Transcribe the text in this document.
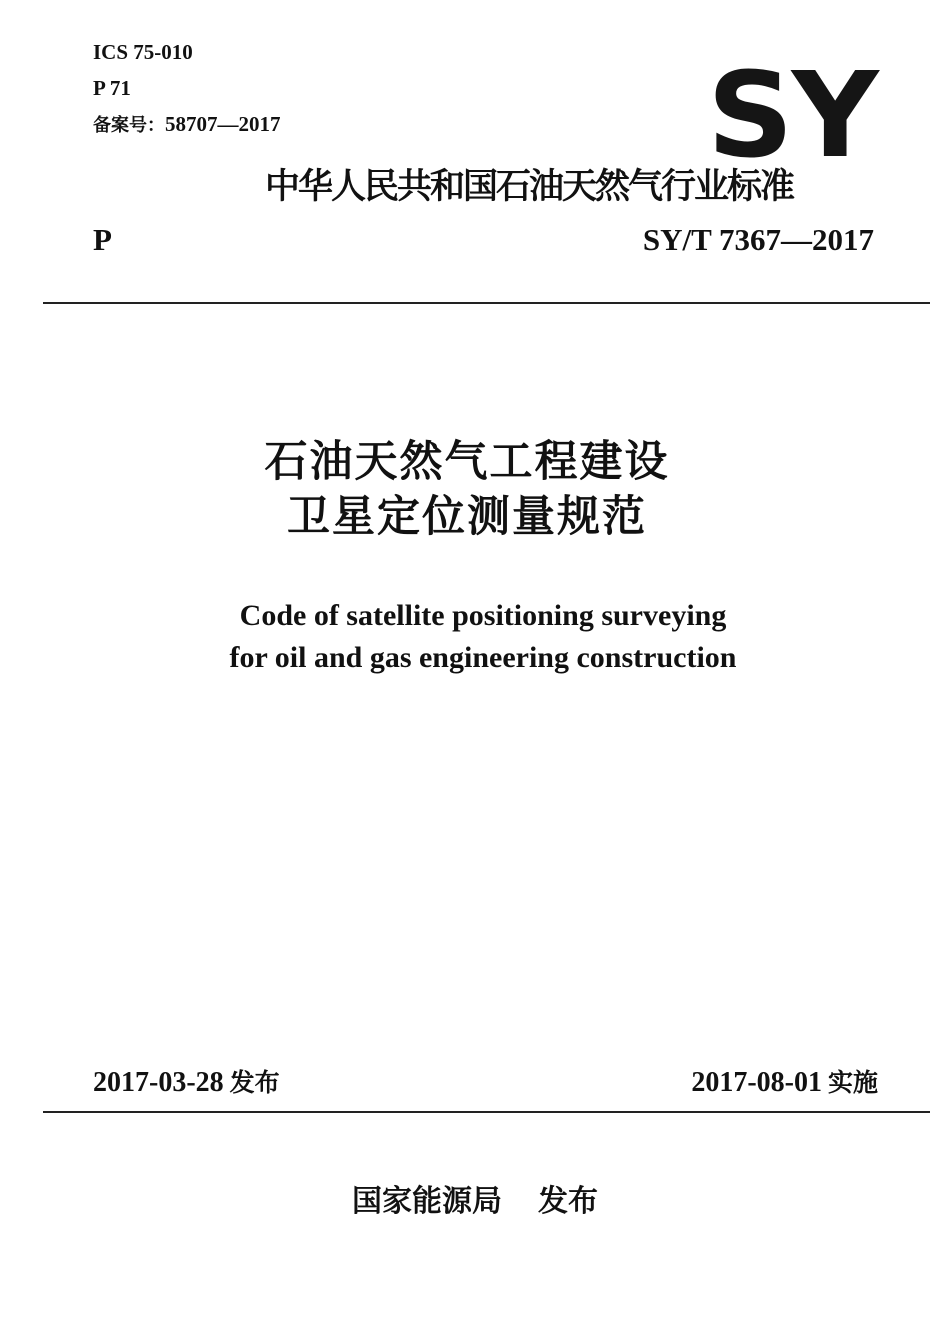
ICS 75-010
P 71
备案号：58707—2017	SY
中华人民共和国石油天然气行业标准
P	SY/T 7367—2017
石油天然气工程建设
卫星定位测量规范
Code of satellite positioning surveying
for oil and gas engineering construction
2017-03-28 发布	2017-08-01 实施
国家能源局 发布
